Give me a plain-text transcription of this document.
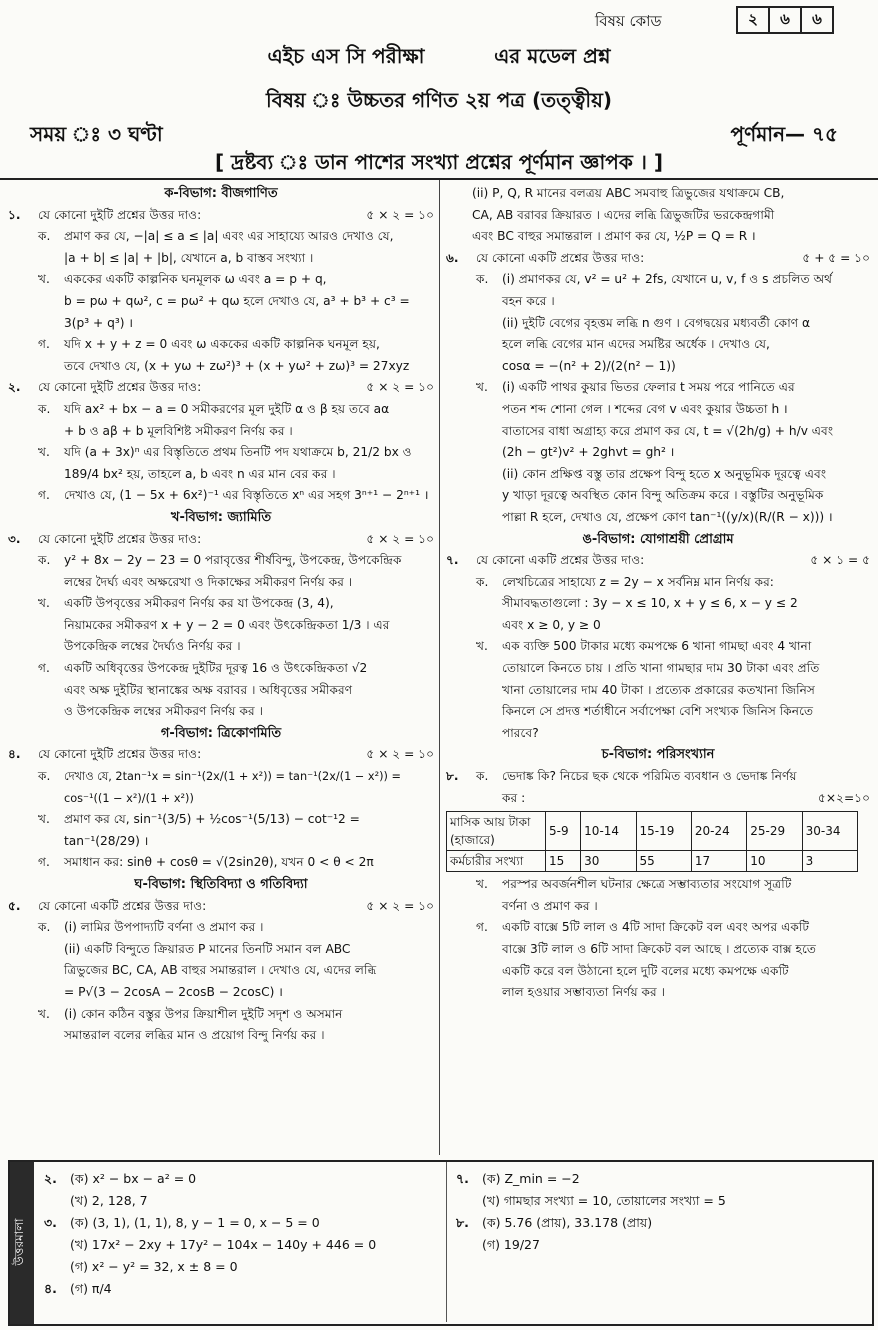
বিষয় কোড	২	৬	৬
এইচ এস সি পরীক্ষা          এর মডেল প্রশ্ন
বিষয় ঃ উচ্চতর গণিত ২য় পত্র (তত্ত্বীয়)
সময় ঃ ৩ ঘণ্টা	পূর্ণমান— ৭৫
[ দ্রষ্টব্য ঃ ডান পাশের সংখ্যা প্রশ্নের পূর্ণমান জ্ঞাপক । ]
ক-বিভাগ: বীজগাণিত
১.	যে কোনো দুইটি প্রশ্নের উত্তর দাও:	৫ × ২ = ১০
ক.	প্রমাণ কর যে, −|a| ≤ a ≤ |a| এবং এর সাহায্যে আরও দেখাও যে,
|a + b| ≤ |a| + |b|, যেখানে a, b বাস্তব সংখ্যা ।
খ.	এককের একটি কাল্পনিক ঘনমূলক ω এবং a = p + q,
b = pω + qω², c = pω² + qω হলে দেখাও যে, a³ + b³ + c³ = 3(p³ + q³) ।
গ.	যদি x + y + z = 0 এবং ω এককের একটি কাল্পনিক ঘনমূল হয়,
তবে দেখাও যে, (x + yω + zω²)³ + (x + yω² + zω)³ = 27xyz
২.	যে কোনো দুইটি প্রশ্নের উত্তর দাও:	৫ × ২ = ১০
ক.	যদি ax² + bx − a = 0 সমীকরণের মূল দুইটি α ও β হয় তবে aα
+ b ও aβ + b মূলবিশিষ্ট সমীকরণ নির্ণয় কর ।
খ.	যদি (a + 3x)ⁿ এর বিস্তৃতিতে প্রথম তিনটি পদ যথাক্রমে b, 21/2 bx ও
189/4 bx² হয়, তাহলে a, b এবং n এর মান বের কর ।
গ.	দেখাও যে, (1 − 5x + 6x²)⁻¹ এর বিস্তৃতিতে xⁿ এর সহগ 3ⁿ⁺¹ − 2ⁿ⁺¹ ।
খ-বিভাগ: জ্যামিতি
৩.	যে কোনো দুইটি প্রশ্নের উত্তর দাও:	৫ × ২ = ১০
ক.	y² + 8x − 2y − 23 = 0 পরাবৃত্তের শীর্ষবিন্দু, উপকেন্দ্র, উপকেন্দ্রিক
লম্বের দৈর্ঘ্য এবং অক্ষরেখা ও দিকাক্ষের সমীকরণ নির্ণয় কর ।
খ.	একটি উপবৃত্তের সমীকরণ নির্ণয় কর যা উপকেন্দ্র (3, 4),
নিয়ামকের সমীকরণ x + y − 2 = 0 এবং উৎকেন্দ্রিকতা 1/3 । এর
উপকেন্দ্রিক লম্বের দৈর্ঘ্যও নির্ণয় কর ।
গ.	একটি অধিবৃত্তের উপকেন্দ্র দুইটির দূরত্ব 16 ও উৎকেন্দ্রিকতা √2
এবং অক্ষ দুইটির স্থানাঙ্কের অক্ষ বরাবর । অধিবৃত্তের সমীকরণ
ও উপকেন্দ্রিক লম্বের সমীকরণ নির্ণয় কর ।
গ-বিভাগ: ত্রিকোণমিতি
৪.	যে কোনো দুইটি প্রশ্নের উত্তর দাও:	৫ × ২ = ১০
ক.	দেখাও যে, 2tan⁻¹x = sin⁻¹(2x/(1 + x²)) = tan⁻¹(2x/(1 − x²)) = cos⁻¹((1 − x²)/(1 + x²))
খ.	প্রমাণ কর যে, sin⁻¹(3/5) + ½cos⁻¹(5/13) − cot⁻¹2 = tan⁻¹(28/29) ।
গ.	সমাধান কর: sinθ + cosθ = √(2sin2θ), যখন 0 < θ < 2π
ঘ-বিভাগ: স্থিতিবিদ্যা ও গতিবিদ্যা
৫.	যে কোনো একটি প্রশ্নের উত্তর দাও:	৫ × ২ = ১০
ক.	(i) লামির উপপাদ্যটি বর্ণনা ও প্রমাণ কর ।
(ii) একটি বিন্দুতে ক্রিয়ারত P মানের তিনটি সমান বল ABC
ত্রিভুজের BC, CA, AB বাহুর সমান্তরাল । দেখাও যে, এদের লব্ধি
= P√(3 − 2cosA − 2cosB − 2cosC) ।
খ.	(i) কোন কঠিন বস্তুর উপর ক্রিয়াশীল দুইটি সদৃশ ও অসমান
সমান্তরাল বলের লব্ধির মান ও প্রয়োগ বিন্দু নির্ণয় কর ।
(ii) P, Q, R মানের বলত্রয় ABC সমবাহু ত্রিভুজের যথাক্রমে CB,
CA, AB বরাবর ক্রিয়ারত । এদের লব্ধি ত্রিভুজটির ভরকেন্দ্রগামী
এবং BC বাহুর সমান্তরাল । প্রমাণ কর যে, ½P = Q = R ।
৬.	যে কোনো একটি প্রশ্নের উত্তর দাও:	৫ + ৫ = ১০
ক.	(i) প্রমাণকর যে, v² = u² + 2fs, যেখানে u, v, f ও s প্রচলিত অর্থ
বহন করে ।
(ii) দুইটি বেগের বৃহত্তম লব্ধি n গুণ । বেগদ্বয়ের মধ্যবর্তী কোণ α
হলে লব্ধি বেগের মান এদের সমষ্টির অর্ধেক । দেখাও যে,
cosα = −(n² + 2)/(2(n² − 1))
খ.	(i) একটি পাথর কুয়ার ভিতর ফেলার t সময় পরে পানিতে এর
পতন শব্দ শোনা গেল । শব্দের বেগ v এবং কুয়ার উচ্চতা h ।
বাতাসের বাধা অগ্রাহ্য করে প্রমাণ কর যে, t = √(2h/g) + h/v এবং
(2h − gt²)v² + 2ghvt = gh² ।
(ii) কোন প্রক্ষিপ্ত বস্তু তার প্রক্ষেপ বিন্দু হতে x অনুভূমিক দূরত্বে এবং
y খাড়া দূরত্বে অবস্থিত কোন বিন্দু অতিক্রম করে । বস্তুটির অনুভূমিক
পাল্লা R হলে, দেখাও যে, প্রক্ষেপ কোণ tan⁻¹((y/x)(R/(R − x))) ।
ঙ-বিভাগ: যোগাশ্রয়ী প্রোগ্রাম
৭.	যে কোনো একটি প্রশ্নের উত্তর দাও:	৫ × ১ = ৫
ক.	লেখচিত্রের সাহায্যে z = 2y − x সর্বনিম্ন মান নির্ণয় কর:
সীমাবদ্ধতাগুলো : 3y − x ≤ 10, x + y ≤ 6, x − y ≤ 2
এবং x ≥ 0, y ≥ 0
খ.	এক ব্যক্তি 500 টাকার মধ্যে কমপক্ষে 6 খানা গামছা এবং 4 খানা
তোয়ালে কিনতে চায় । প্রতি খানা গামছার দাম 30 টাকা এবং প্রতি
খানা তোয়ালের দাম 40 টাকা । প্রত্যেক প্রকারের কতখানা জিনিস
কিনলে সে প্রদত্ত শর্তাধীনে সর্বাপেক্ষা বেশি সংখ্যক জিনিস কিনতে
পারবে?
চ-বিভাগ: পরিসংখ্যান
৮.	ক.	ভেদাঙ্ক কি? নিচের ছক থেকে পরিমিত ব্যবধান ও ভেদাঙ্ক নির্ণয়

কর :	৫×২=১০
মাসিক আয় টাকা (হাজারে)	5-9	10-14	15-19	20-24	25-29	30-34
কর্মচারীর সংখ্যা	15	30	55	17	10	3
খ.	পরস্পর অবর্জনশীল ঘটনার ক্ষেত্রে সম্ভাব্যতার সংযোগ সূত্রটি
বর্ণনা ও প্রমাণ কর ।
গ.	একটি বাক্সে 5টি লাল ও 4টি সাদা ক্রিকেট বল এবং অপর একটি
বাক্সে 3টি লাল ও 6টি সাদা ক্রিকেট বল আছে । প্রত্যেক বাক্স হতে
একটি করে বল উঠানো হলে দুটি বলের মধ্যে কমপক্ষে একটি
লাল হওয়ার সম্ভাব্যতা নির্ণয় কর ।
উত্তরমালা
২.	(ক) x² − bx − a² = 0
(খ) 2, 128, 7
৩.	(ক) (3, 1), (1, 1), 8, y − 1 = 0, x − 5 = 0
(খ) 17x² − 2xy + 17y² − 104x − 140y + 446 = 0
(গ) x² − y² = 32, x ± 8 = 0
৪.	(গ) π/4
৭.	(ক) Z_min = −2
(খ) গামছার সংখ্যা = 10, তোয়ালের সংখ্যা = 5
৮.	(ক) 5.76 (প্রায়), 33.178 (প্রায়)
(গ) 19/27
